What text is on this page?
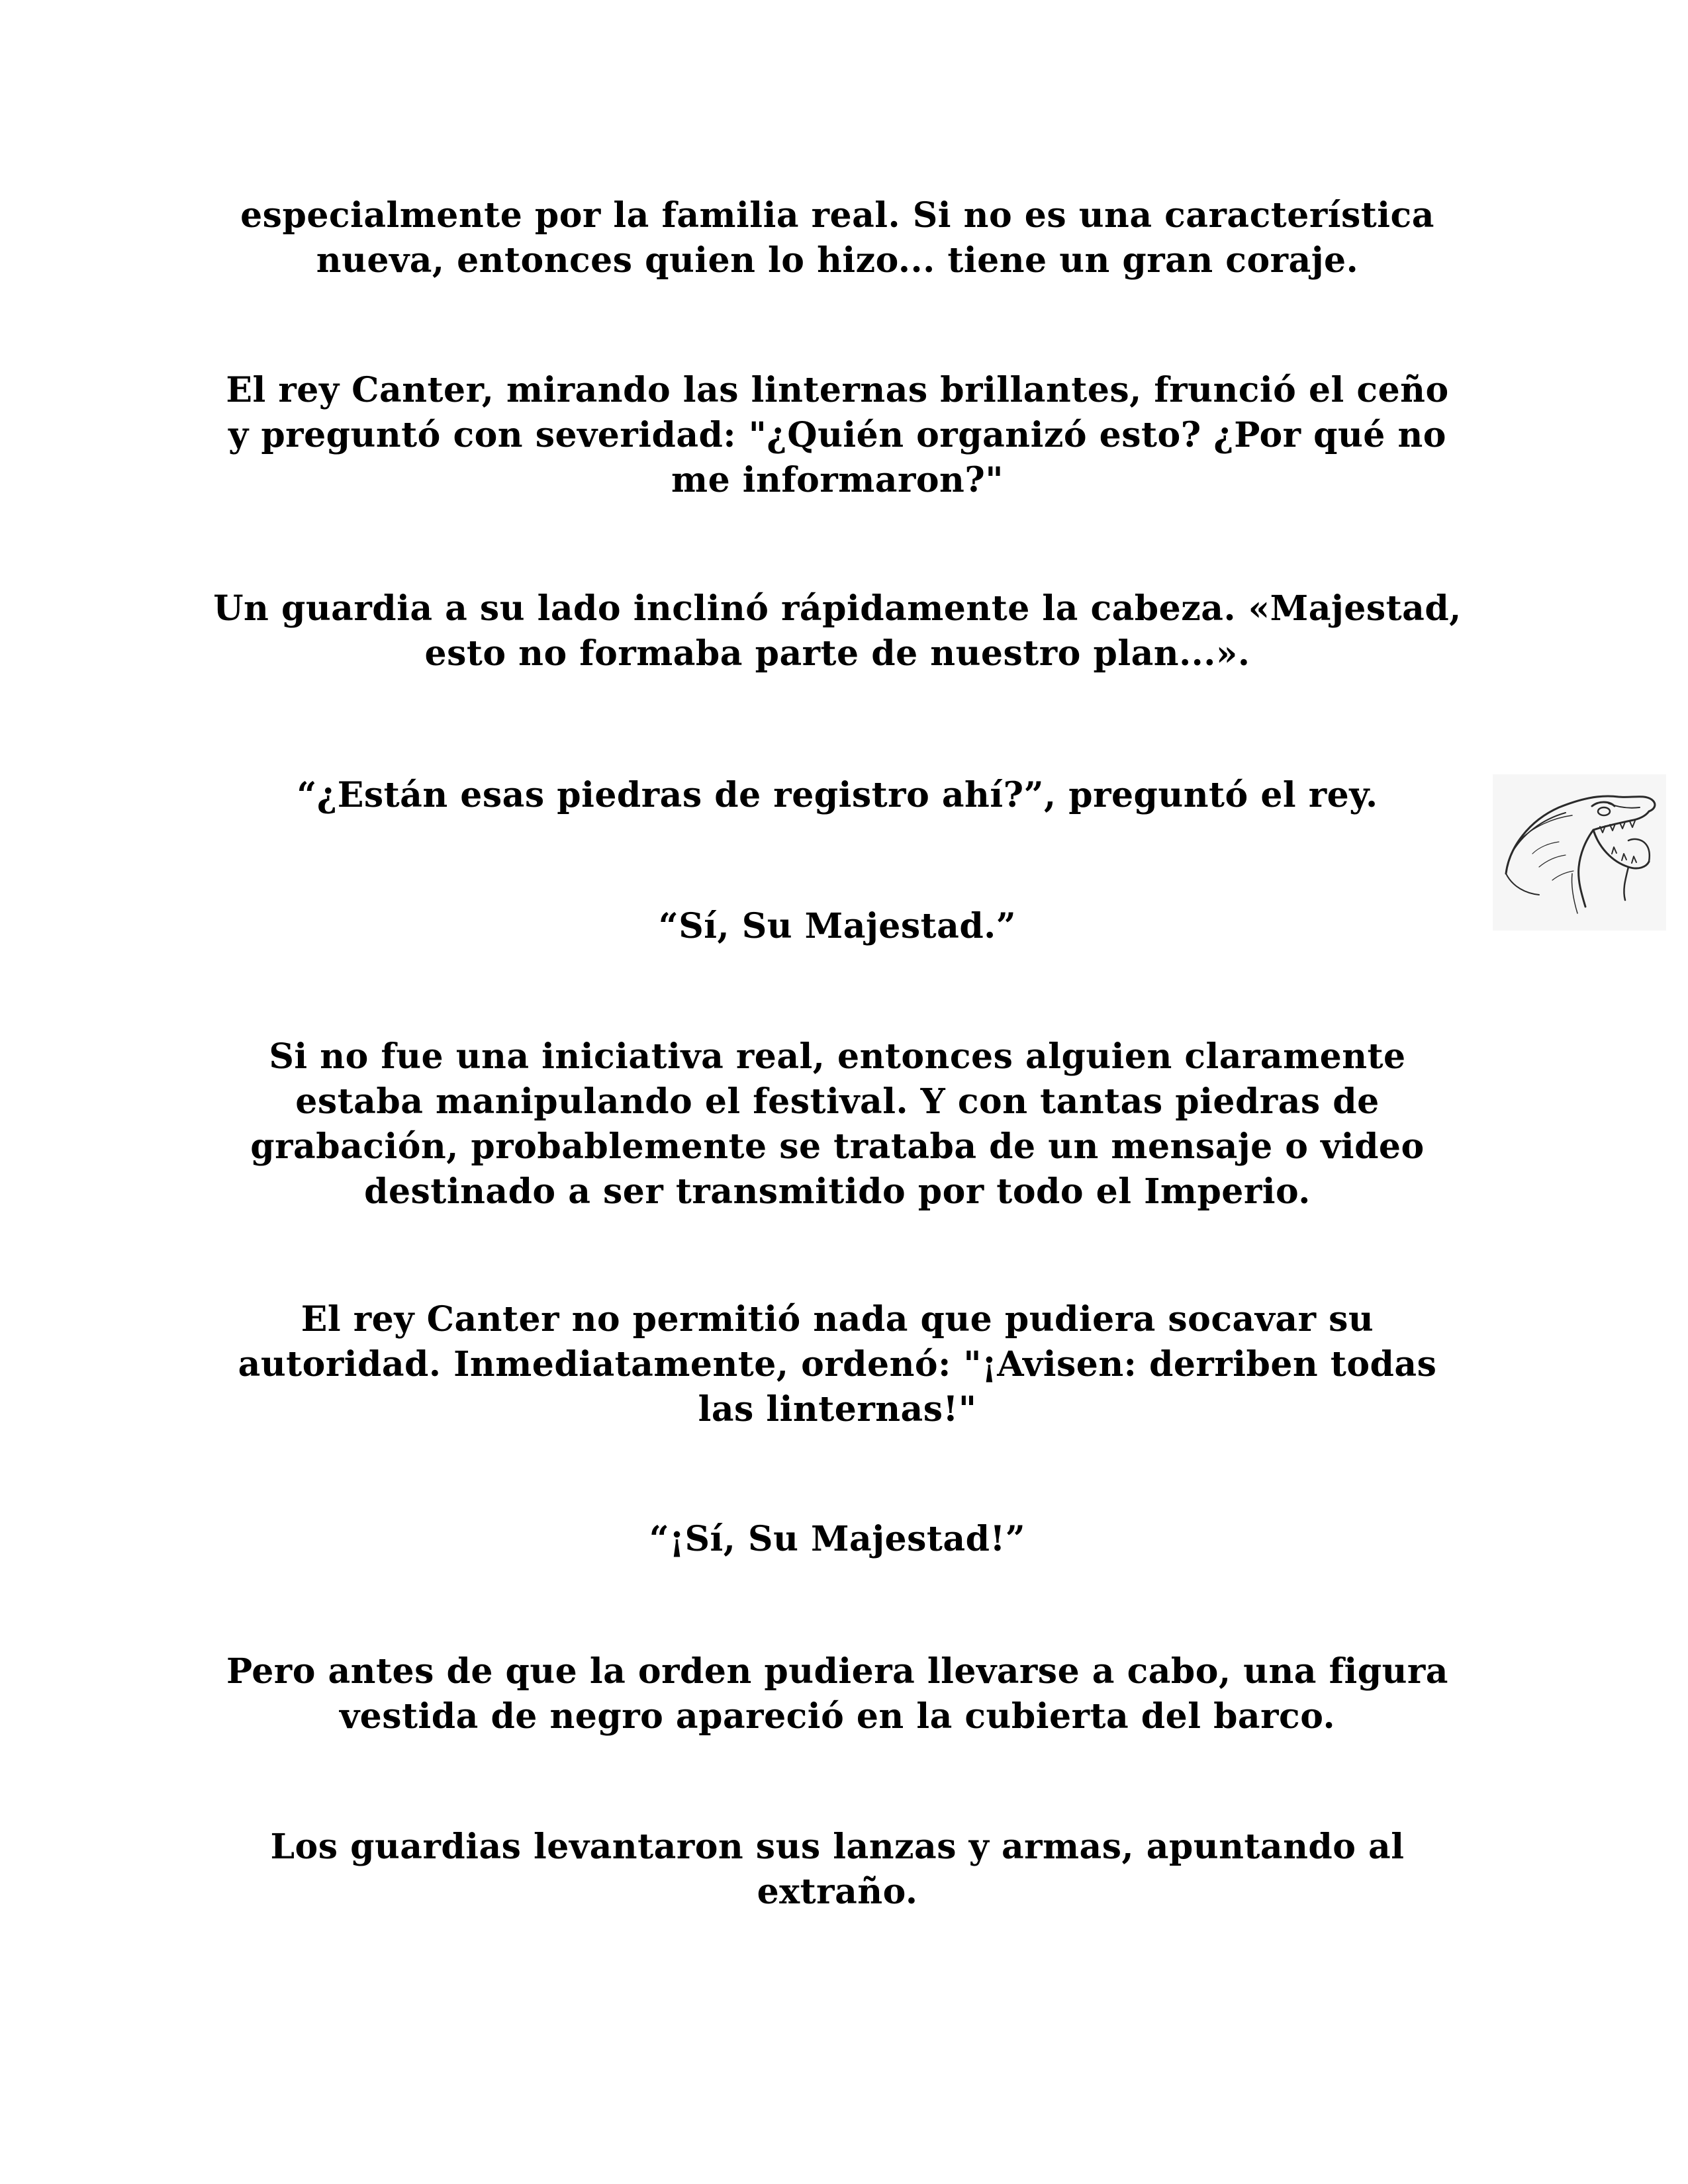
especialmente por la familia real. Si no es una característica
nueva, entonces quien lo hizo... tiene un gran coraje.

El rey Canter, mirando las linternas brillantes, frunció el ceño
y preguntó con severidad: "¿Quién organizó esto? ¿Por qué no
me informaron?"

Un guardia a su lado inclinó rápidamente la cabeza. «Majestad,
esto no formaba parte de nuestro plan...».

“¿Están esas piedras de registro ahí?”, preguntó el rey.

“Sí, Su Majestad.”

Si no fue una iniciativa real, entonces alguien claramente
estaba manipulando el festival. Y con tantas piedras de
grabación, probablemente se trataba de un mensaje o video
destinado a ser transmitido por todo el Imperio.

El rey Canter no permitió nada que pudiera socavar su
autoridad. Inmediatamente, ordenó: "¡Avisen: derriben todas
las linternas!"

“¡Sí, Su Majestad!”

Pero antes de que la orden pudiera llevarse a cabo, una figura
vestida de negro apareció en la cubierta del barco.

Los guardias levantaron sus lanzas y armas, apuntando al
extraño.
